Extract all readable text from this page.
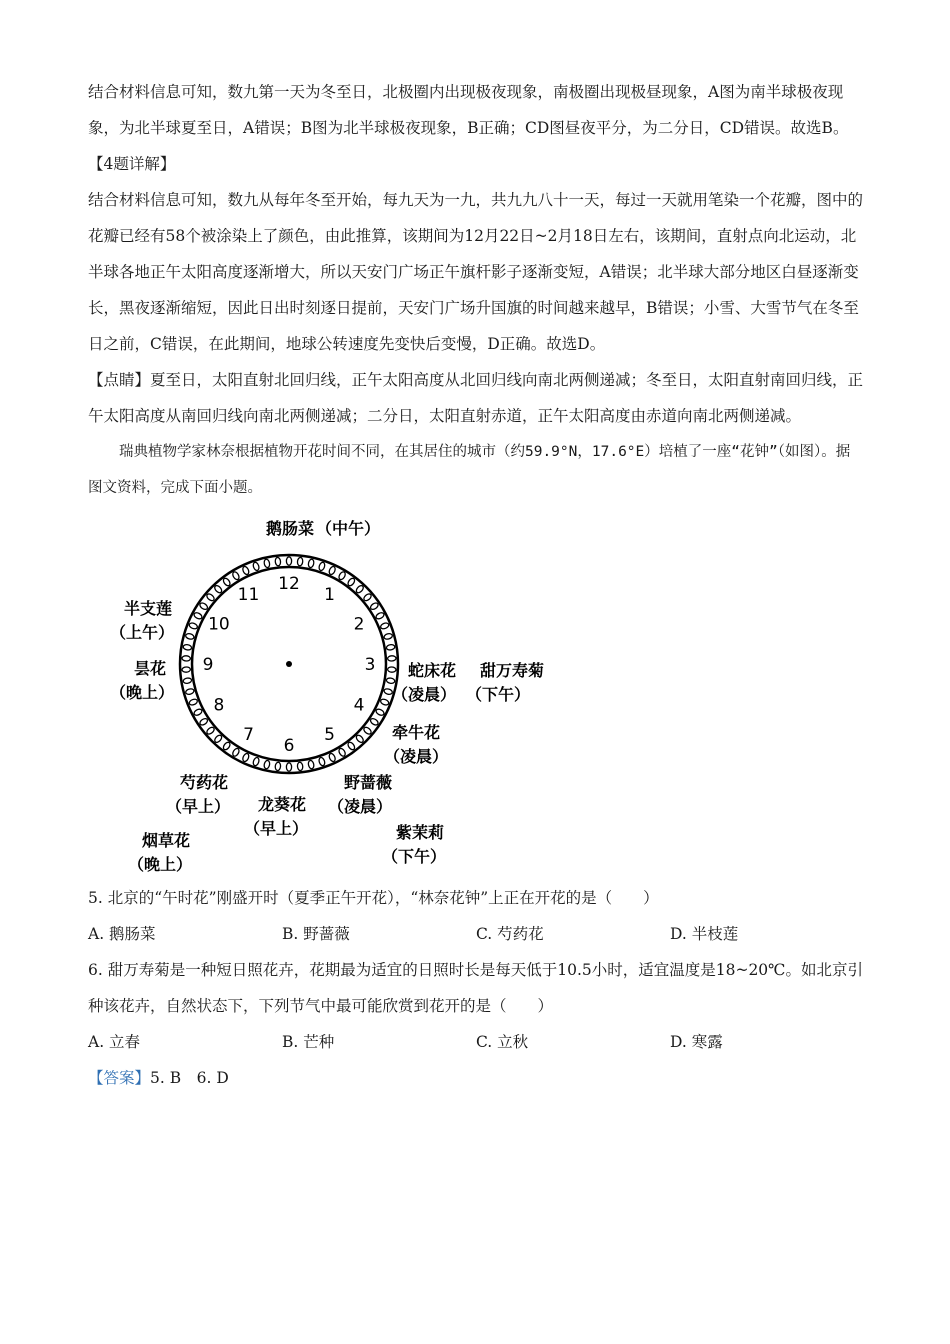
结合材料信息可知，数九第一天为冬至日，北极圈内出现极夜现象，南极圈出现极昼现象，A图为南半球极夜现象，为北半球夏至日，A错误；B图为北半球极夜现象，B正确；CD图昼夜平分，为二分日，CD错误。故选B。

【4题详解】

结合材料信息可知，数九从每年冬至开始，每九天为一九，共九九八十一天，每过一天就用笔染一个花瓣，图中的花瓣已经有58个被涂染上了颜色，由此推算，该期间为12月22日~2月18日左右，该期间，直射点向北运动，北半球各地正午太阳高度逐渐增大，所以天安门广场正午旗杆影子逐渐变短，A错误；北半球大部分地区白昼逐渐变长，黑夜逐渐缩短，因此日出时刻逐日提前，天安门广场升国旗的时间越来越早，B错误；小雪、大雪节气在冬至日之前，C错误，在此期间，地球公转速度先变快后变慢，D正确。故选D。

【点睛】夏至日，太阳直射北回归线，正午太阳高度从北回归线向南北两侧递减；冬至日，太阳直射南回归线，正午太阳高度从南回归线向南北两侧递减；二分日，太阳直射赤道，正午太阳高度由赤道向南北两侧递减。

瑞典植物学家林奈根据植物开花时间不同，在其居住的城市（约59.9°N，17.6°E）培植了一座“花钟”（如图）。据图文资料，完成下面小题。

12
1
2
3
4
5
6
7
8
9
10
11
鹅肠菜 （中午）
半支莲
（上午）
昙花
（晚上）
蛇床花
（凌晨）
甜万寿菊
（下午）
牵牛花
（凌晨）
芍药花
（早上）
野蔷薇
（凌晨）
龙葵花
（早上）
烟草花
（晚上）
紫茉莉
（下午）

5. 北京的“午时花”刚盛开时（夏季正午开花），“林奈花钟”上正在开花的是（　　）

A. 鹅肠菜	B. 野蔷薇	C. 芍药花	D. 半枝莲

6. 甜万寿菊是一种短日照花卉，花期最为适宜的日照时长是每天低于10.5小时，适宜温度是18~20℃。如北京引种该花卉，自然状态下，下列节气中最可能欣赏到花开的是（　　）

A. 立春	B. 芒种	C. 立秋	D. 寒露

【答案】5. B　6. D
